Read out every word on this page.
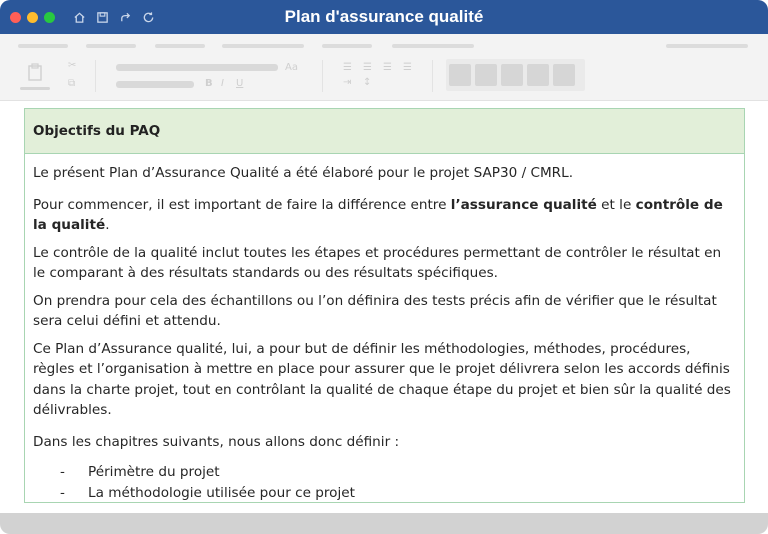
Plan d'assurance qualité
✂
⧉
Aa
B I U
☰ ☰ ☰ ☰
⇥ ↕
Objectifs du PAQ

Le présent Plan d’Assurance Qualité a été élaboré pour le projet SAP30 / CMRL.

Pour commencer, il est important de faire la différence entre l’assurance qualité et le contrôle de la qualité.

Le contrôle de la qualité inclut toutes les étapes et procédures permettant de contrôler le résultat en le comparant à des résultats standards ou des résultats spécifiques.

On prendra pour cela des échantillons ou l’on définira des tests précis afin de vérifier que le résultat sera celui défini et attendu.

Ce Plan d’Assurance qualité, lui, a pour but de définir les méthodologies, méthodes, procédures, règles et l’organisation à mettre en place pour assurer que le projet délivrera selon les accords définis dans la charte projet, tout en contrôlant la qualité de chaque étape du projet et bien sûr la qualité des délivrables.

Dans les chapitres suivants, nous allons donc définir :

- Périmètre du projet
- La méthodologie utilisée pour ce projet
